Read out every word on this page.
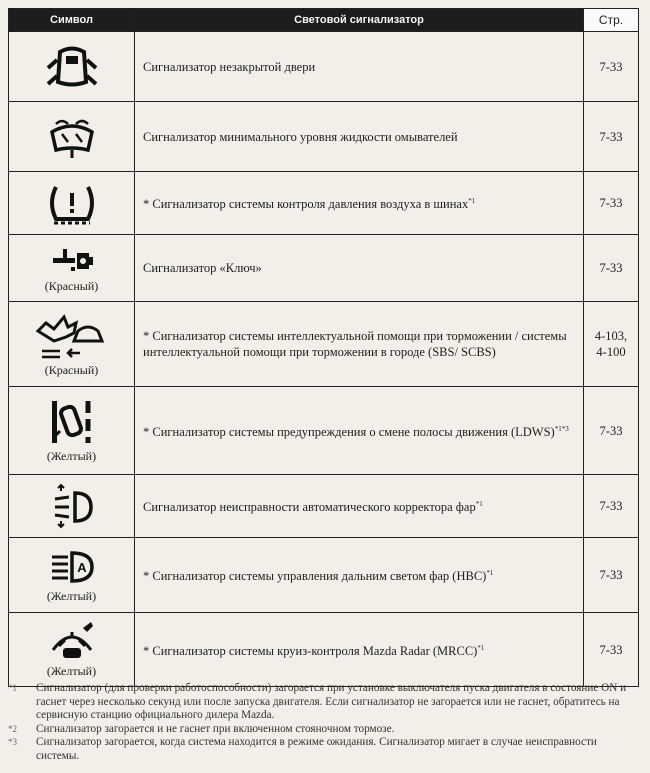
Символ	Световой сигнализатор	Стр.

	Сигнализатор незакрытой двери	7-33

	Сигнализатор минимального уровня жидкости омывателей	7-33

	* Сигнализатор системы контроля давления воздуха в шинах$^{*1}$	7-33

(Красный)	Сигнализатор «Ключ»	7-33

(Красный)	* Сигнализатор системы интеллектуальной помощи при торможении / системы интеллектуальной помощи при торможении в городе (SBS/ SCBS)	4-103,
4-100

(Желтый)	* Сигнализатор системы предупреждения о смене полосы движения (LDWS)$^{*1*3}$	7-33

	Сигнализатор неисправности автоматического корректора фар$^{*1}$	7-33

A
(Желтый)	* Сигнализатор системы управления дальним светом фар (HBC)$^{*1}$	7-33

(Желтый)	* Сигнализатор системы круиз-контроля Mazda Radar (MRCC)$^{*1}$	7-33
*1	Сигнализатор (для проверки работоспособности) загорается при установке выключателя пуска двигателя в состояние ON и гаснет через несколько секунд или после запуска двигателя. Если сигнализатор не загорается или не гаснет, обратитесь на сервисную станцию официального дилера Mazda.
*2	Сигнализатор загорается и не гаснет при включенном стояночном тормозе.
*3	Сигнализатор загорается, когда система находится в режиме ожидания. Сигнализатор мигает в случае неисправности системы.
